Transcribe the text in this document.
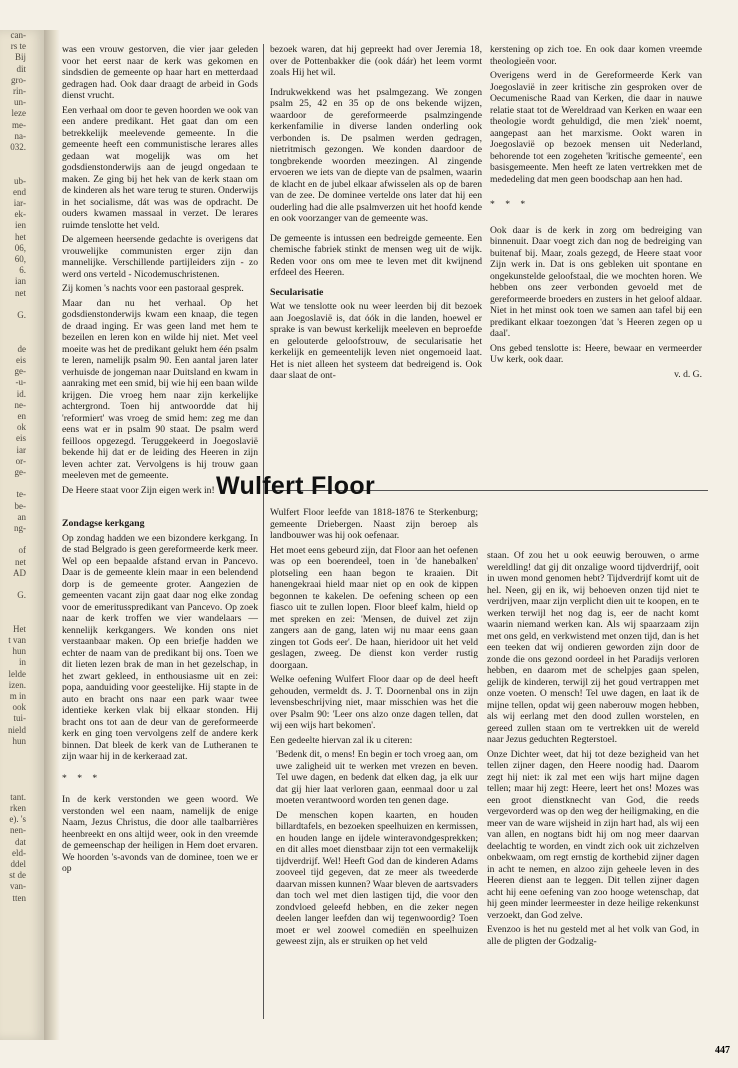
can-
rs te
Bij
dit
gro-
rin-
un-
leze
me-
na-
032.

ub-
end
iar-
ek-
ien
het
06,
60,
6.
ian
net

G.

de
eis
ge-
-u-
id.
ne-
en
ok
eis
iar
or-
ge-

te-
be-
an
ng-

of
net
AD

G.

Het
t van
hun
in
lelde
izen.
m in
ook
tui-
nield
hun

tant.
rken
e). 's
nen-
dat
eld-
ddel
st de
van-
tten

was een vrouw gestorven, die vier jaar geleden voor het eerst naar de kerk was gekomen en sindsdien de gemeente op haar hart en metterdaad gedragen had. Ook daar draagt de arbeid in Gods dienst vrucht.

Een verhaal om door te geven hoorden we ook van een andere predikant. Het gaat dan om een betrekkelijk meelevende gemeente. In die gemeente heeft een communistische lerares alles gedaan wat mogelijk was om het godsdienstonderwijs aan de jeugd ongedaan te maken. Ze ging bij het hek van de kerk staan om de kinderen als het ware terug te sturen. Onderwijs in het socialisme, dát was was de opdracht. De ouders kwamen massaal in verzet. De lerares ruimde tenslotte het veld.

De algemeen heersende gedachte is overigens dat vrouwelijke communisten erger zijn dan mannelijke. Verschillende partijleiders zijn - zo werd ons verteld - Nicodemuschristenen.

Zij komen 's nachts voor een pastoraal gesprek.

Maar dan nu het verhaal. Op het godsdienstonderwijs kwam een knaap, die tegen de draad inging. Er was geen land met hem te bezeilen en leren kon en wilde hij niet. Met veel moeite was het de predikant gelukt hem één psalm te leren, namelijk psalm 90. Een aantal jaren later verhuisde de jongeman naar Duitsland en kwam in aanraking met een smid, bij wie hij een baan wilde krijgen. Die vroeg hem naar zijn kerkelijke achtergrond. Toen hij antwoordde dat hij 'reformiert' was vroeg de smid hem: zeg me dan eens wat er in psalm 90 staat. De psalm werd feilloos opgezegd. Teruggekeerd in Joegoslavië bekende hij dat er de leiding des Heeren in zijn leven achter zat. Vervolgens is hij trouw gaan meeleven met de gemeente.

De Heere staat voor Zijn eigen werk in!

Zondagse kerkgang

Op zondag hadden we een bizondere kerkgang. In de stad Belgrado is geen gereformeerde kerk meer. Wel op een bepaalde afstand ervan in Pancevo. Daar is de gemeente klein maar in een belendend dorp is de gemeente groter. Aangezien de gemeenten vacant zijn gaat daar nog elke zondag voor de emeritusspredikant van Pancevo. Op zoek naar de kerk troffen we vier wandelaars — kennelijk kerkgangers. We konden ons niet verstaanbaar maken. Op een briefje hadden we echter de naam van de predikant bij ons. Toen we dit lieten lezen brak de man in het gezelschap, in het zwart gekleed, in enthousiasme uit en zei: popa, aanduiding voor geestelijke. Hij stapte in de auto en bracht ons naar een park waar twee identieke kerken vlak bij elkaar stonden. Hij bracht ons tot aan de deur van de gereformeerde kerk en ging toen vervolgens zelf de andere kerk binnen. Dat bleek de kerk van de Lutheranen te zijn waar hij in de kerkeraad zat.

* * *

In de kerk verstonden we geen woord. We verstonden wel een naam, namelijk de enige Naam, Jezus Christus, die door alle taalbarrières heenbreekt en ons altijd weer, ook in den vreemde de gemeenschap der heiligen in Hem doet ervaren. We hoorden 's-avonds van de dominee, toen we er op

bezoek waren, dat hij gepreekt had over Jeremia 18, over de Pottenbakker die (ook dáár) het leem vormt zoals Hij het wil.

Indrukwekkend was het psalmgezang. We zongen psalm 25, 42 en 35 op de ons bekende wijzen, waardoor de gereformeerde psalmzingende kerkenfamilie in diverse landen onderling ook verbonden is. De psalmen werden gedragen, nietritmisch gezongen. We konden daardoor de tongbrekende woorden meezingen. Al zingende ervoeren we iets van de diepte van de psalmen, waarin de klacht en de jubel elkaar afwisselen als op de baren van de zee. De dominee vertelde ons later dat hij een ouderling had die alle psalmverzen uit het hoofd kende en ook voorzanger van de gemeente was.

De gemeente is intussen een bedreigde gemeente. Een chemische fabriek stinkt de mensen weg uit de wijk. Reden voor ons om mee te leven met dit kwijnend erfdeel des Heeren.

Secularisatie

Wat we tenslotte ook nu weer leerden bij dit bezoek aan Joegoslavië is, dat óók in die landen, hoewel er sprake is van bewust kerkelijk meeleven en beproefde en gelouterde geloofstrouw, de secularisatie het kerkelijk en gemeentelijk leven niet ongemoeid laat. Het is niet alleen het systeem dat bedreigend is. Ook daar slaat de ont-

kerstening op zich toe. En ook daar komen vreemde theologieën voor.

Overigens werd in de Gereformeerde Kerk van Joegoslavië in zeer kritische zin gesproken over de Oecumenische Raad van Kerken, die daar in nauwe relatie staat tot de Wereldraad van Kerken en waar een theologie wordt gehuldigd, die men 'ziek' noemt, aangepast aan het marxisme. Ookt waren in Joegoslavië op bezoek mensen uit Nederland, behorende tot een zogeheten 'kritische gemeente', een basisgemeente. Men heeft ze laten vertrekken met de mededeling dat men geen boodschap aan hen had.

* * *

Ook daar is de kerk in zorg om bedreiging van binnenuit. Daar voegt zich dan nog de bedreiging van buitenaf bij. Maar, zoals gezegd, de Heere staat voor Zijn werk in. Dat is ons gebleken uit spontane en ongekunstelde geloofstaal, die we mochten horen. We hebben ons zeer verbonden gevoeld met de gereformeerde broeders en zusters in het geloof aldaar. Niet in het minst ook toen we samen aan tafel bij een predikant elkaar toezongen 'dat 's Heeren zegen op u daal'.

Ons gebed tenslotte is: Heere, bewaar en vermeerder Uw kerk, ook daar.

v. d. G.

Wulfert Floor

Wulfert Floor leefde van 1818-1876 te Sterkenburg; gemeente Driebergen. Naast zijn beroep als landbouwer was hij ook oefenaar.

Het moet eens gebeurd zijn, dat Floor aan het oefenen was op een boerendeel, toen in 'de hanebalken' plotseling een haan begon te kraaien. Dit hanengekraai hield maar niet op en ook de kippen begonnen te kakelen. De oefening scheen op een fiasco uit te zullen lopen. Floor bleef kalm, hield op met spreken en zei: 'Mensen, de duivel zet zijn zangers aan de gang, laten wij nu maar eens gaan zingen tot Gods eer'. De haan, hieridoor uit het veld geslagen, zweeg. De dienst kon verder rustig doorgaan.

Welke oefening Wulfert Floor daar op de deel heeft gehouden, vermeldt ds. J. T. Doornenbal ons in zijn levensbeschrijving niet, maar misschien was het die over Psalm 90: 'Leer ons alzo onze dagen tellen, dat wij een wijs hart bekomen'.

Een gedeelte hiervan zal ik u citeren:

'Bedenk dit, o mens! En begin er toch vroeg aan, om uwe zaligheid uit te werken met vrezen en beven. Tel uwe dagen, en bedenk dat elken dag, ja elk uur dat gij hier laat verloren gaan, eenmaal door u zal moeten verantwoord worden ten genen dage.

De menschen kopen kaarten, en houden billardtafels, en bezoeken speelhuizen en kermissen, en houden lange en ijdele winteravondgesprekken; en dit alles moet dienstbaar zijn tot een vermakelijk tijdverdrijf. Wel! Heeft God dan de kinderen Adams zooveel tijd gegeven, dat ze meer als tweederde daarvan missen kunnen? Waar bleven de aartsvaders dan toch wel met dien lastigen tijd, die voor den zondvloed geleefd hebben, en die zeker negen deelen langer leefden dan wij tegenwoordig? Toen moet er wel zoowel comediën en speelhuizen geweest zijn, als er struiken op het veld

staan. Of zou het u ook eeuwig berouwen, o arme wereldling! dat gij dit onzalige woord tijdverdrijf, ooit in uwen mond genomen hebt? Tijdverdrijf komt uit de hel. Neen, gij en ik, wij behoeven onzen tijd niet te verdrijven, maar zijn verplicht dien uit te koopen, en te werken terwijl het nog dag is, eer de nacht komt waarin niemand werken kan. Als wij spaarzaam zijn met ons geld, en verkwistend met onzen tijd, dan is het een teeken dat wij ondieren geworden zijn door de zonde die ons gezond oordeel in het Paradijs verloren hebben, en daarom met de schelpjes gaan spelen, gelijk de kinderen, terwijl zij het goud vertrappen met onze voeten. O mensch! Tel uwe dagen, en laat ik de mijne tellen, opdat wij geen naberouw mogen hebben, als wij eerlang met den dood zullen worstelen, en gereed zullen staan om te vertrekken uit de wereld naar Jezus geduchten Regterstoel.

Onze Dichter weet, dat hij tot deze bezigheid van het tellen zijner dagen, den Heere noodig had. Daarom zegt hij niet: ik zal met een wijs hart mijne dagen tellen; maar hij zegt: Heere, leert het ons! Mozes was een groot dienstknecht van God, die reeds vergevorderd was op den weg der heiligmaking, en die meer van de ware wijsheid in zijn hart had, als wij een van allen, en nogtans bidt hij om nog meer daarvan deelachtig te worden, en vindt zich ook uit zichzelven onbekwaam, om regt ernstig de korthebid zijner dagen in acht te nemen, en alzoo zijn geheele leven in des Heeren dienst aan te leggen. Dit tellen zijner dagen acht hij eene oefening van zoo hooge wetenschap, dat hij geen minder leermeester in deze heilige rekenkunst verzoekt, dan God zelve.

Evenzoo is het nu gesteld met al het volk van God, in alle de pligten der Godzalig-

447
